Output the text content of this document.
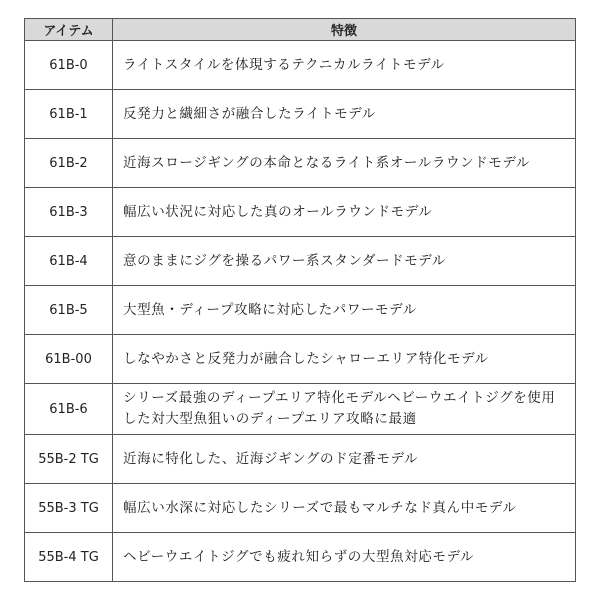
アイテム	特徴
61B-0	ライトスタイルを体現するテクニカルライトモデル
61B-1	反発力と繊細さが融合したライトモデル
61B-2	近海スロージギングの本命となるライト系オールラウンドモデル
61B-3	幅広い状況に対応した真のオールラウンドモデル
61B-4	意のままにジグを操るパワー系スタンダードモデル
61B-5	大型魚・ディープ攻略に対応したパワーモデル
61B-00	しなやかさと反発力が融合したシャローエリア特化モデル
61B-6	シリーズ最強のディープエリア特化モデルヘビーウエイトジグを使用した対大型魚狙いのディープエリア攻略に最適
55B-2 TG	近海に特化した、近海ジギングのド定番モデル
55B-3 TG	幅広い水深に対応したシリーズで最もマルチなド真ん中モデル
55B-4 TG	ヘビーウエイトジグでも疲れ知らずの大型魚対応モデル
